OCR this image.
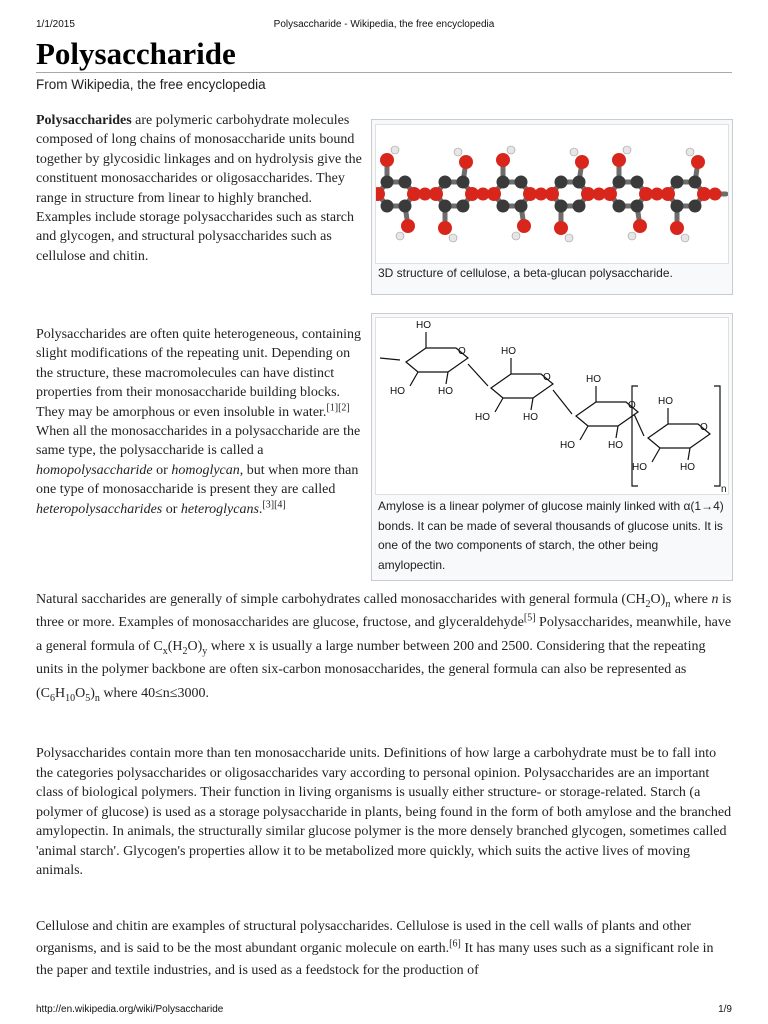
1/1/2015	Polysaccharide - Wikipedia, the free encyclopedia
Polysaccharide
From Wikipedia, the free encyclopedia

Polysaccharides are polymeric carbohydrate molecules composed of long chains of monosaccharide units bound together by glycosidic linkages and on hydrolysis give the constituent monosaccharides or oligosaccharides. They range in structure from linear to highly branched. Examples include storage polysaccharides such as starch and glycogen, and structural polysaccharides such as cellulose and chitin.

Polysaccharides are often quite heterogeneous, containing slight modifications of the repeating unit. Depending on the structure, these macromolecules can have distinct properties from their monosaccharide building blocks. They may be amorphous or even insoluble in water.[1][2] When all the monosaccharides in a polysaccharide are the same type, the polysaccharide is called a homopolysaccharide or homoglycan, but when more than one type of monosaccharide is present they are called heteropolysaccharides or heteroglycans.[3][4]

Natural saccharides are generally of simple carbohydrates called monosaccharides with general formula $(CH_2O)_n$ where n is three or more. Examples of monosaccharides are glucose, fructose, and glyceraldehyde[5] Polysaccharides, meanwhile, have a general formula of $C_x(H_2O)_y$ where x is usually a large number between 200 and 2500. Considering that the repeating units in the polymer backbone are often six-carbon monosaccharides, the general formula can also be represented as $(C_6H_{10}O_5)_n$ where 40≤n≤3000.

Polysaccharides contain more than ten monosaccharide units. Definitions of how large a carbohydrate must be to fall into the categories polysaccharides or oligosaccharides vary according to personal opinion. Polysaccharides are an important class of biological polymers. Their function in living organisms is usually either structure- or storage-related. Starch (a polymer of glucose) is used as a storage polysaccharide in plants, being found in the form of both amylose and the branched amylopectin. In animals, the structurally similar glucose polymer is the more densely branched glycogen, sometimes called 'animal starch'. Glycogen's properties allow it to be metabolized more quickly, which suits the active lives of moving animals.

Cellulose and chitin are examples of structural polysaccharides. Cellulose is used in the cell walls of plants and other organisms, and is said to be the most abundant organic molecule on earth.[6] It has many uses such as a significant role in the paper and textile industries, and is used as a feedstock for the production of

3D structure of cellulose, a beta-glucan polysaccharide.
HO
HO	HO
O	HO
HO	HO
O	HO
HO	HO
O HO
HO	HO
O
n
Amylose is a linear polymer of glucose mainly linked with α(1→4) bonds. It can be made of several thousands of glucose units. It is one of the two components of starch, the other being amylopectin.
http://en.wikipedia.org/wiki/Polysaccharide	1/9
